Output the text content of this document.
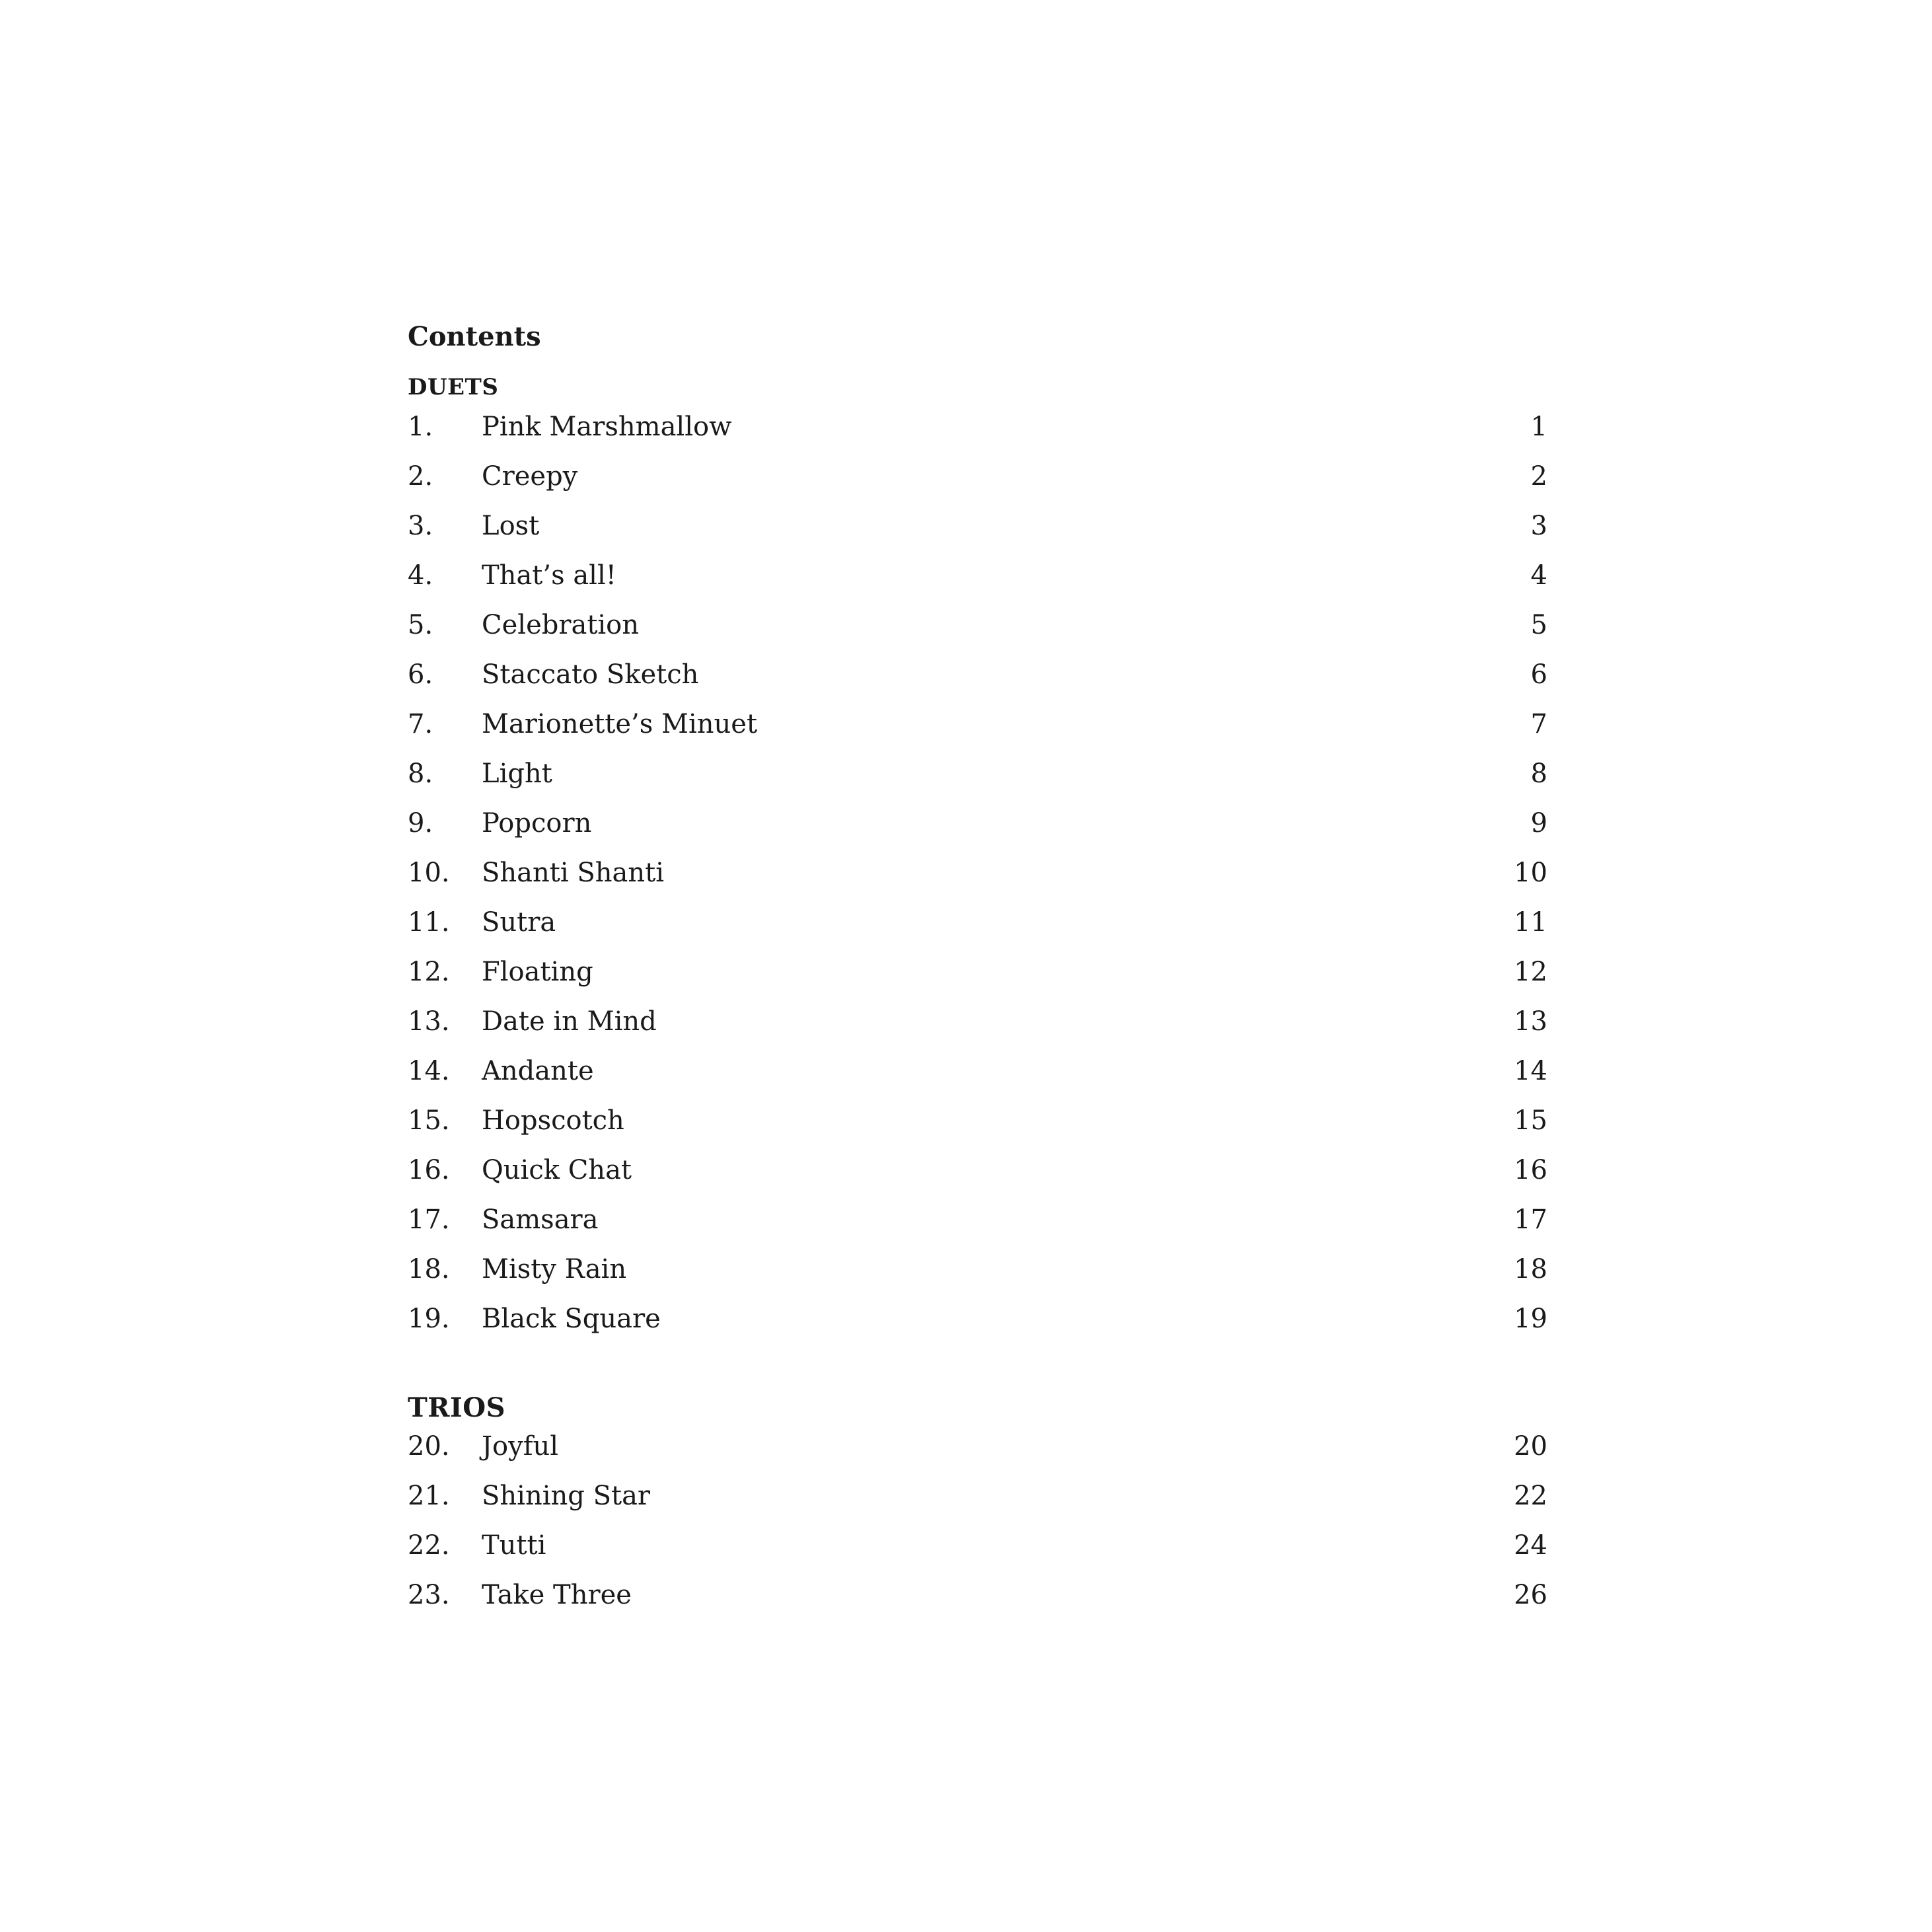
Contents
DUETS
1.	Pink Marshmallow	1
2.	Creepy	2
3.	Lost	3
4.	That’s all!	4
5.	Celebration	5
6.	Staccato Sketch	6
7.	Marionette’s Minuet	7
8.	Light	8
9.	Popcorn	9
10.	Shanti Shanti	10
11.	Sutra	11
12.	Floating	12
13.	Date in Mind	13
14.	Andante	14
15.	Hopscotch	15
16.	Quick Chat	16
17.	Samsara	17
18.	Misty Rain	18
19.	Black Square	19
TRIOS
20.	Joyful	20
21.	Shining Star	22
22.	Tutti	24
23.	Take Three	26
